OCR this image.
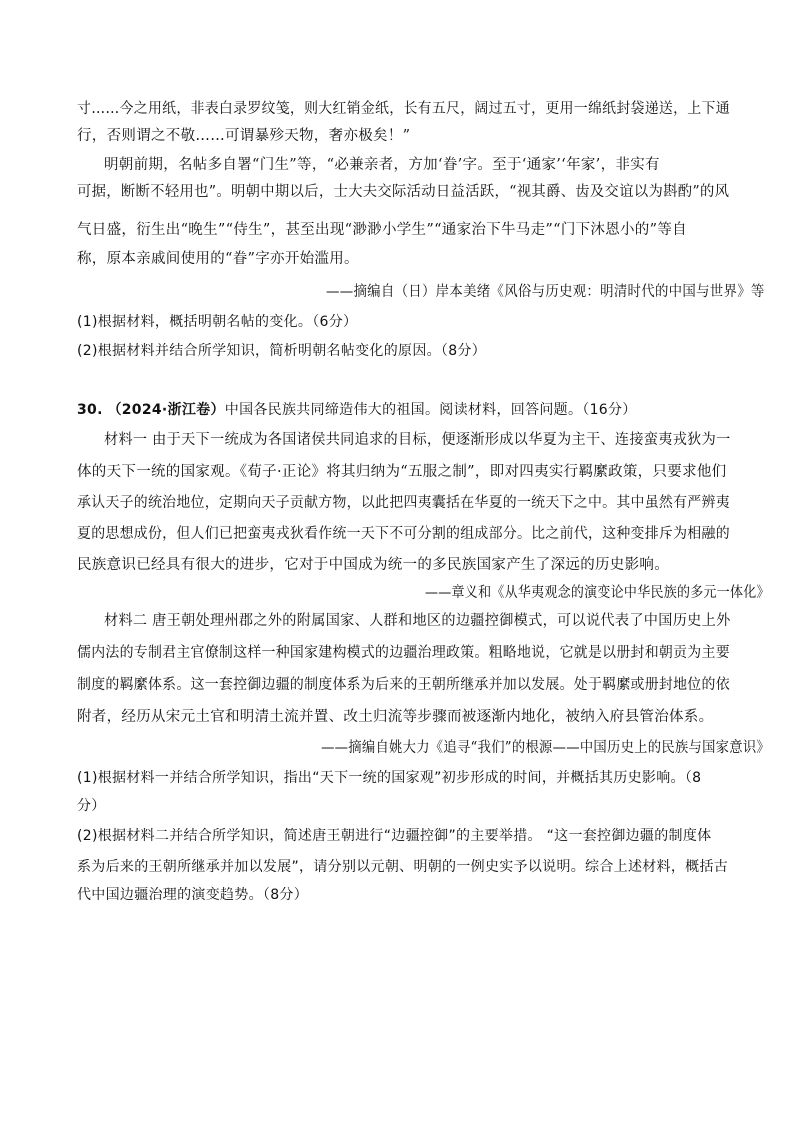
寸……今之用纸，非表白录罗纹笺，则大红销金纸，长有五尺，阔过五寸，更用一绵纸封袋递送，上下通
行，否则谓之不敬……可谓暴殄天物，奢亦极矣！”
明朝前期，名帖多自署“门生”等，“必兼亲者，方加‘眷’字。至于‘通家’‘年家’，非实有
可据，断断不轻用也”。明朝中期以后，士大夫交际活动日益活跃，“视其爵、齿及交谊以为斟酌”的风
气日盛，衍生出“晚生”“侍生”，甚至出现“渺渺小学生”“通家治下牛马走”“门下沐恩小的”等自
称，原本亲戚间使用的“眷”字亦开始滥用。
——摘编自（日）岸本美绪《风俗与历史观：明清时代的中国与世界》等
(1)根据材料，概括明朝名帖的变化。（6分）
(2)根据材料并结合所学知识，简析明朝名帖变化的原因。（8分）
30. （2024·浙江卷）中国各民族共同缔造伟大的祖国。阅读材料，回答问题。（16分）
材料一 由于天下一统成为各国诸侯共同追求的目标，便逐渐形成以华夏为主干、连接蛮夷戎狄为一
体的天下一统的国家观。《荀子·正论》将其归纳为“五服之制”，即对四夷实行羁縻政策，只要求他们
承认天子的统治地位，定期向天子贡献方物，以此把四夷囊括在华夏的一统天下之中。其中虽然有严辨夷
夏的思想成份，但人们已把蛮夷戎狄看作统一天下不可分割的组成部分。比之前代，这种变排斥为相融的
民族意识已经具有很大的进步，它对于中国成为统一的多民族国家产生了深远的历史影响。
——章义和《从华夷观念的演变论中华民族的多元一体化》
材料二 唐王朝处理州郡之外的附属国家、人群和地区的边疆控御模式，可以说代表了中国历史上外
儒内法的专制君主官僚制这样一种国家建构模式的边疆治理政策。粗略地说，它就是以册封和朝贡为主要
制度的羁縻体系。这一套控御边疆的制度体系为后来的王朝所继承并加以发展。处于羁縻或册封地位的依
附者，经历从宋元土官和明清土流并置、改土归流等步骤而被逐渐内地化，被纳入府县管治体系。
——摘编自姚大力《追寻“我们”的根源——中国历史上的民族与国家意识》
(1)根据材料一并结合所学知识，指出“天下一统的国家观”初步形成的时间，并概括其历史影响。（8
分）
(2)根据材料二并结合所学知识，简述唐王朝进行“边疆控御”的主要举措。 “这一套控御边疆的制度体
系为后来的王朝所继承并加以发展”，请分别以元朝、明朝的一例史实予以说明。综合上述材料，概括古
代中国边疆治理的演变趋势。（8分）
